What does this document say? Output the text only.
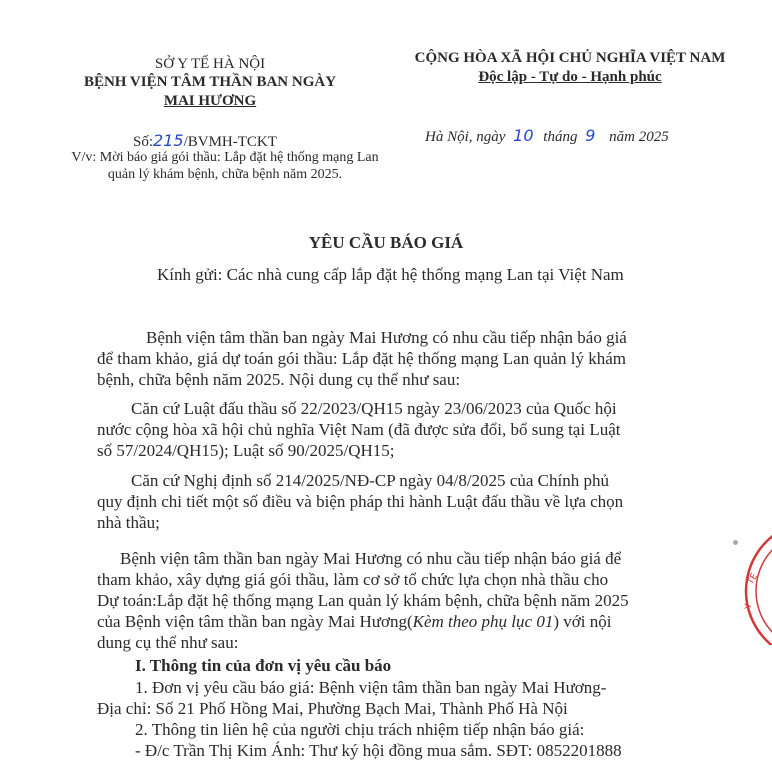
SỞ Y TẾ HÀ NỘI
BỆNH VIỆN TÂM THẦN BAN NGÀY
MAI HƯƠNG
CỘNG HÒA XÃ HỘI CHỦ NGHĨA VIỆT NAM
Độc lập - Tự do - Hạnh phúc
Số:215/BVMH-TCKT
V/v: Mời báo giá gói thầu: Lắp đặt hệ thống mạng Lan
quản lý khám bệnh, chữa bệnh năm 2025.
Hà Nội, ngày 10 tháng 9 năm 2025
YÊU CẦU BÁO GIÁ
Kính gửi: Các nhà cung cấp lắp đặt hệ thống mạng Lan tại Việt Nam
Bệnh viện tâm thần ban ngày Mai Hương có nhu cầu tiếp nhận báo giá
để tham khảo, giá dự toán gói thầu: Lắp đặt hệ thống mạng Lan quản lý khám
bệnh, chữa bệnh năm 2025. Nội dung cụ thể như sau:
Căn cứ Luật đấu thầu số 22/2023/QH15 ngày 23/06/2023 của Quốc hội
nước cộng hòa xã hội chủ nghĩa Việt Nam (đã được sửa đổi, bổ sung tại Luật
số 57/2024/QH15); Luật số 90/2025/QH15;
Căn cứ Nghị định số 214/2025/NĐ-CP ngày 04/8/2025 của Chính phủ
quy định chi tiết một số điều và biện pháp thi hành Luật đấu thầu về lựa chọn
nhà thầu;
Bệnh viện tâm thần ban ngày Mai Hương có nhu cầu tiếp nhận báo giá để
tham khảo, xây dựng giá gói thầu, làm cơ sở tổ chức lựa chọn nhà thầu cho
Dự toán:Lắp đặt hệ thống mạng Lan quản lý khám bệnh, chữa bệnh năm 2025
của Bệnh viện tâm thần ban ngày Mai Hương(Kèm theo phụ lục 01) với nội
dung cụ thể như sau:
I. Thông tin của đơn vị yêu cầu báo
1. Đơn vị yêu cầu báo giá: Bệnh viện tâm thần ban ngày Mai Hương-
Địa chỉ: Số 21 Phố Hồng Mai, Phường Bạch Mai, Thành Phố Hà Nội
2. Thông tin liên hệ của người chịu trách nhiệm tiếp nhận báo giá:
- Đ/c Trần Thị Kim Ánh: Thư ký hội đồng mua sắm. SĐT: 0852201888
TẾ
Y
